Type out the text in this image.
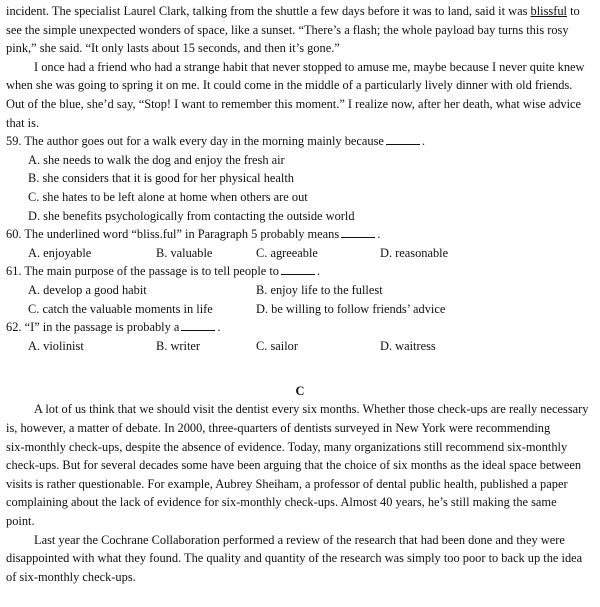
incident. The specialist Laurel Clark, talking from the shuttle a few days before it was to land, said it was blissful to
see the simple unexpected wonders of space, like a sunset. “There’s a flash; the whole payload bay turns this rosy
pink,” she said. “It only lasts about 15 seconds, and then it’s gone.”
I once had a friend who had a strange habit that never stopped to amuse me, maybe because I never quite knew
when she was going to spring it on me. It could come in the middle of a particularly lively dinner with old friends.
Out of the blue, she’d say, “Stop! I want to remember this moment.” I realize now, after her death, what wise advice
that is.
59. The author goes out for a walk every day in the morning mainly because	.
A. she needs to walk the dog and enjoy the fresh air
B. she considers that it is good for her physical health
C. she hates to be left alone at home when others are out
D. she benefits psychologically from contacting the outside world
60. The underlined word “bliss.ful” in Paragraph 5 probably means	.
A. enjoyable	B. valuable	C. agreeable	D. reasonable
61. The main purpose of the passage is to tell people to	.
A. develop a good habit	B. enjoy life to the fullest
C. catch the valuable moments in life	D. be willing to follow friends’ advice
62. “I” in the passage is probably a	.
A. violinist	B. writer	C. sailor	D. waitress
C
A lot of us think that we should visit the dentist every six months. Whether those check-ups are really necessary
is, however, a matter of debate. In 2000, three-quarters of dentists surveyed in New York were recommending
six-monthly check-ups, despite the absence of evidence. Today, many organizations still recommend six-monthly
check-ups. But for several decades some have been arguing that the choice of six months as the ideal space between
visits is rather questionable. For example, Aubrey Sheiham, a professor of dental public health, published a paper
complaining about the lack of evidence for six-monthly check-ups. Almost 40 years, he’s still making the same
point.
Last year the Cochrane Collaboration performed a review of the research that had been done and they were
disappointed with what they found. The quality and quantity of the research was simply too poor to back up the idea
of six-monthly check-ups.
